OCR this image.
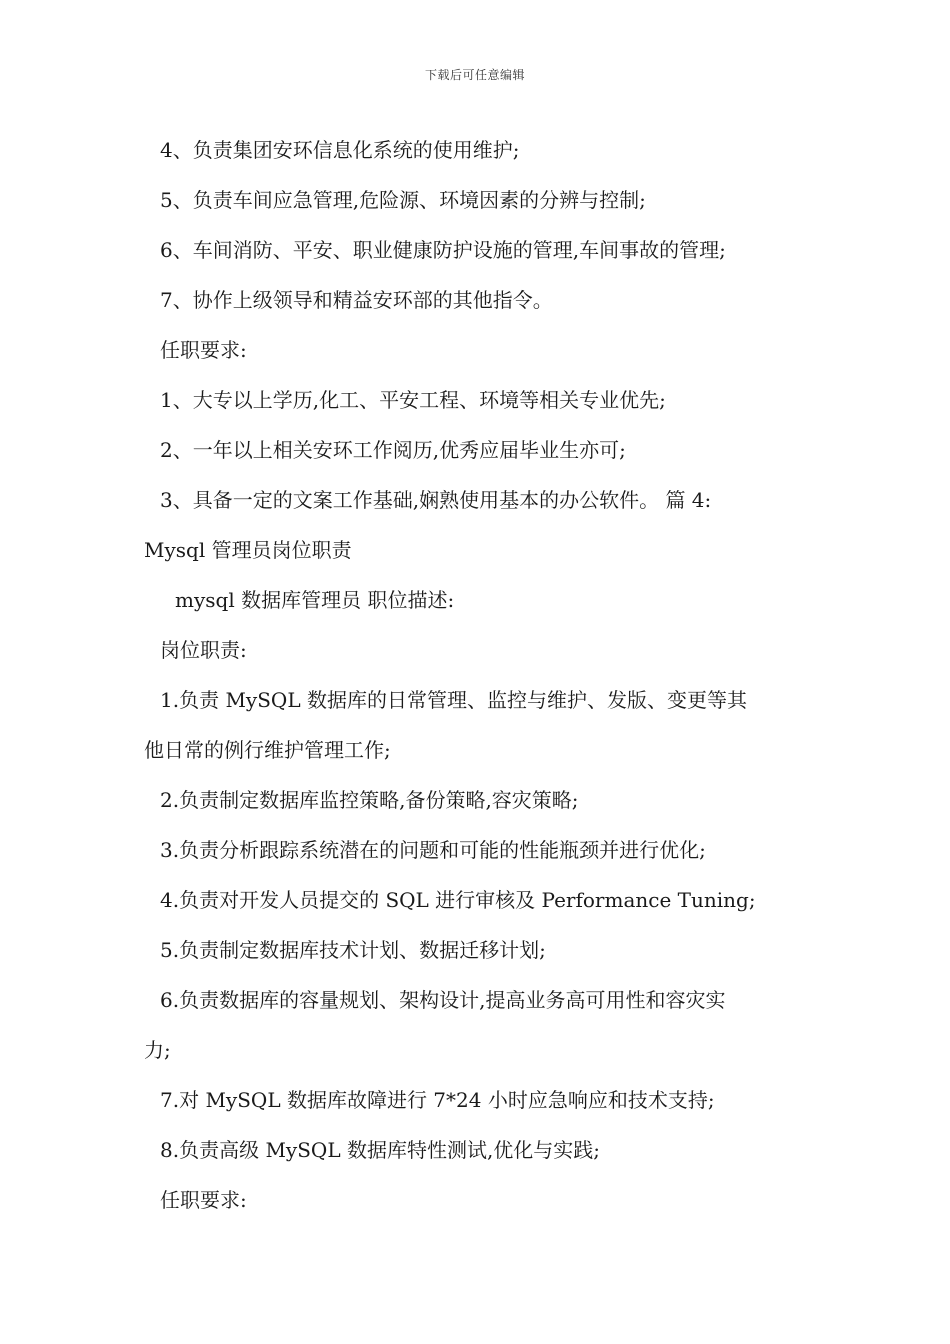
下载后可任意编辑
4、负责集团安环信息化系统的使用维护;
5、负责车间应急管理,危险源、环境因素的分辨与控制;
6、车间消防、平安、职业健康防护设施的管理,车间事故的管理;
7、协作上级领导和精益安环部的其他指令。
任职要求:
1、大专以上学历,化工、平安工程、环境等相关专业优先;
2、一年以上相关安环工作阅历,优秀应届毕业生亦可;
3、具备一定的文案工作基础,娴熟使用基本的办公软件。 篇 4:
Mysql 管理员岗位职责
mysql 数据库管理员 职位描述:
岗位职责:
1.负责 MySQL 数据库的日常管理、监控与维护、发版、变更等其
他日常的例行维护管理工作;
2.负责制定数据库监控策略,备份策略,容灾策略;
3.负责分析跟踪系统潜在的问题和可能的性能瓶颈并进行优化;
4.负责对开发人员提交的 SQL 进行审核及 Performance Tuning;
5.负责制定数据库技术计划、数据迁移计划;
6.负责数据库的容量规划、架构设计,提高业务高可用性和容灾实
力;
7.对 MySQL 数据库故障进行 7*24 小时应急响应和技术支持;
8.负责高级 MySQL 数据库特性测试,优化与实践;
任职要求:
